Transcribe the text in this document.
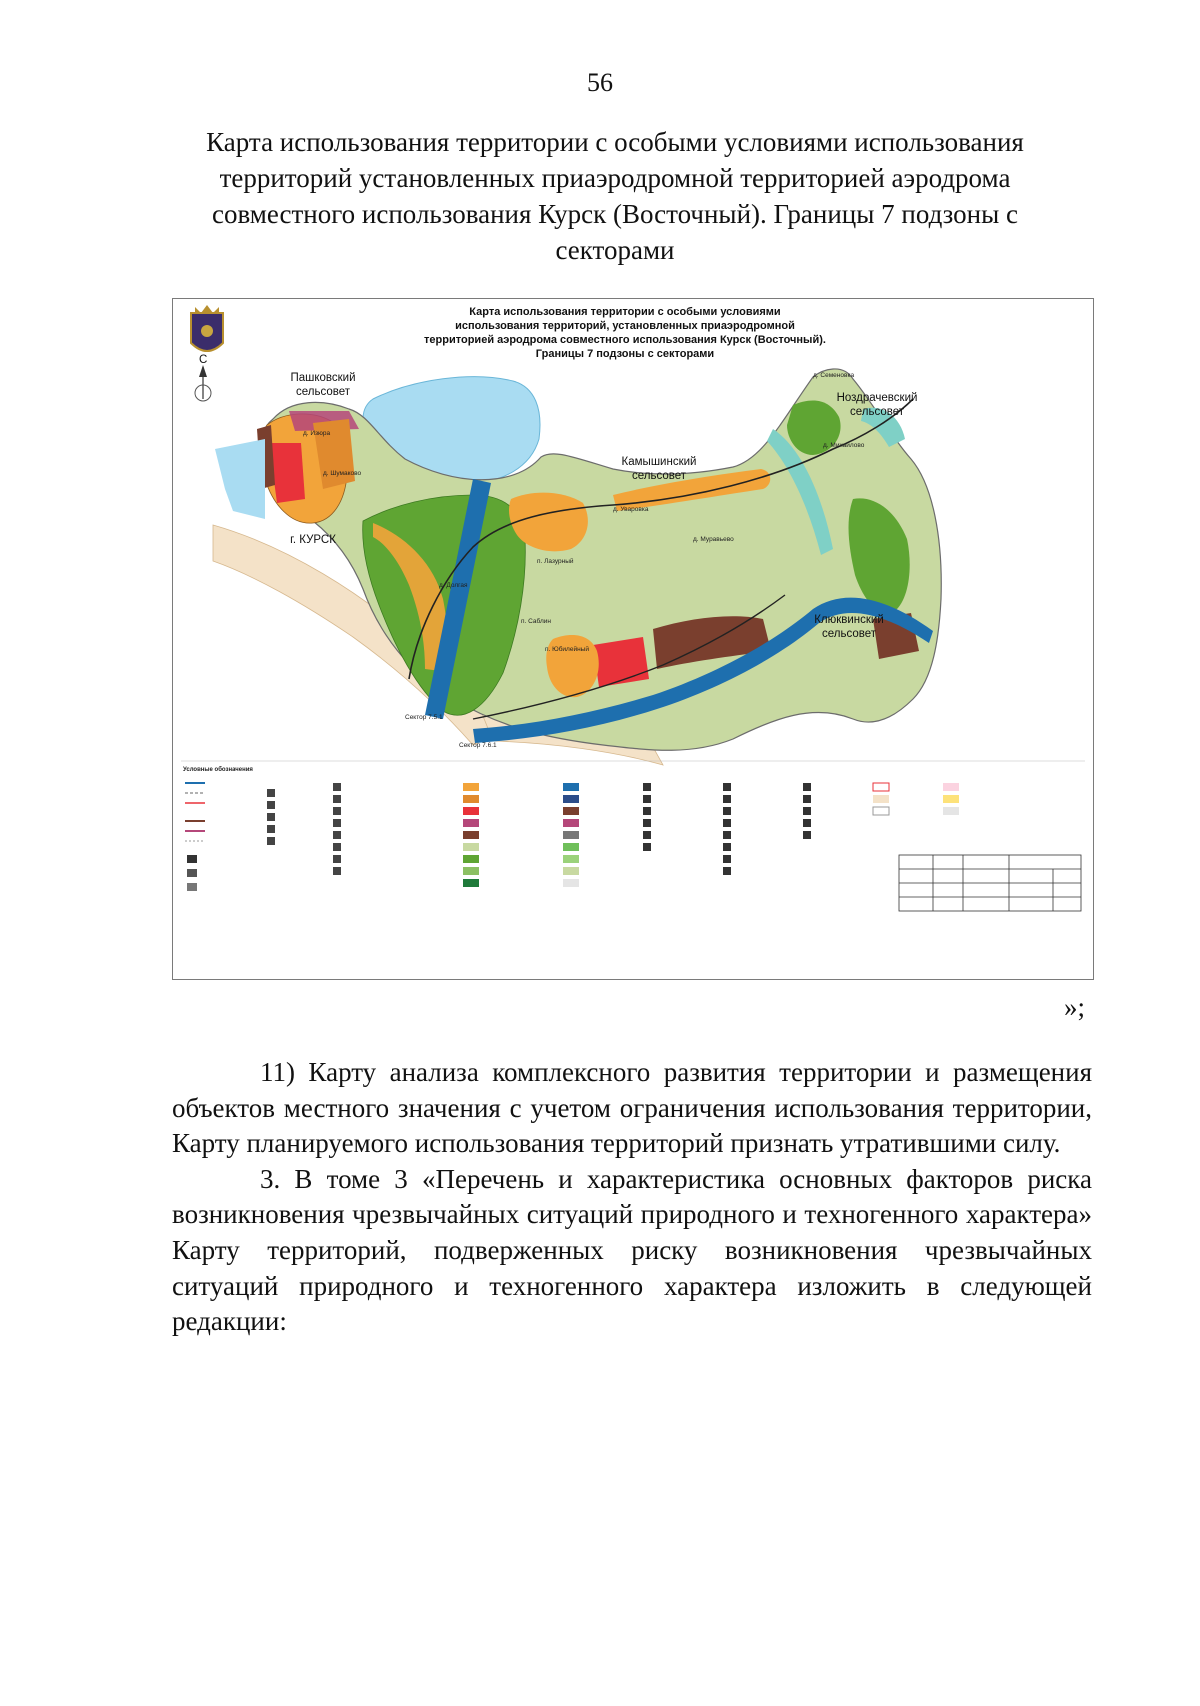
56
Карта использования территории с особыми условиями использования территорий установленных приаэродромной территорией аэродрома совместного использования Курск (Восточный). Границы 7 подзоны с секторами
Карта использования территории с особыми условиями
использования территорий, установленных приаэродромной
территорией аэродрома совместного использования Курск (Восточный).
Границы 7 подзоны с секторами
С
Пашковский
сельсовет
г. КУРСК
Камышинский
сельсовет
Ноздрачевский
сельсовет
Клюквинский
сельсовет
д. Изюра
д. Шумаково
д. Уваровка
д. Муравьево
п. Лазурный
п. Саблин
п. Юбилейный
д. Михайлово
д. Семеновка
д. Долгая
Сектор 7.5.1
Сектор 7.6.1
Условные обозначения
»;

11) Карту анализа комплексного развития территории и размещения объектов местного значения с учетом ограничения использования территории, Карту планируемого использования территорий признать утратившими силу.

3. В томе 3 «Перечень и характеристика основных факторов риска возникновения чрезвычайных ситуаций природного и техногенного характера» Карту территорий, подверженных риску возникновения чрезвычайных ситуаций природного и техногенного характера изложить в следующей редакции:
